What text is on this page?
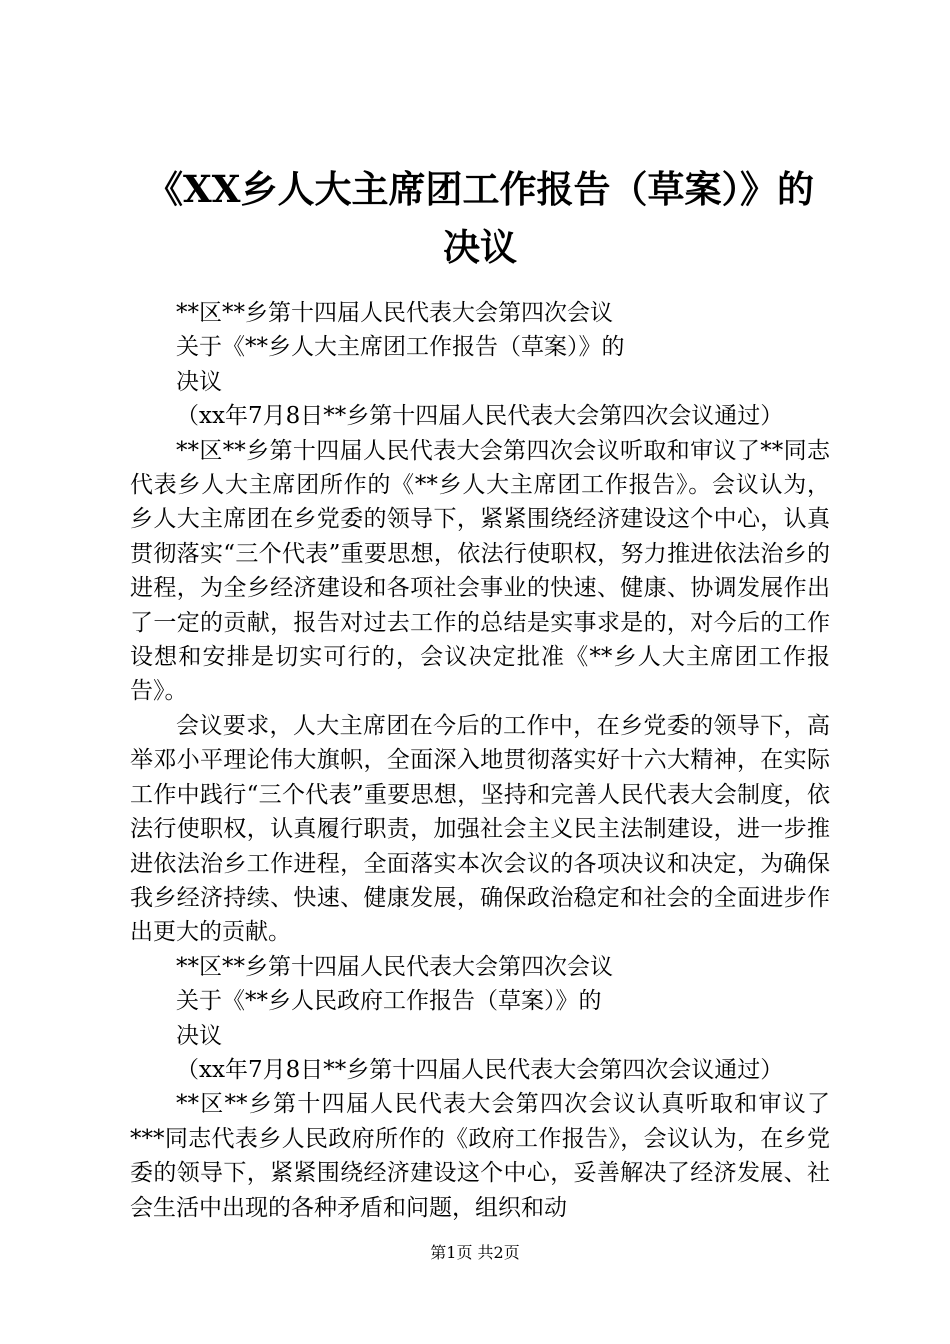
《XX乡人大主席团工作报告（草案）》的决议

**区**乡第十四届人民代表大会第四次会议

关于《**乡人大主席团工作报告（草案）》的

决议

（xx年7月8日**乡第十四届人民代表大会第四次会议通过）

**区**乡第十四届人民代表大会第四次会议听取和审议了**同志代表乡人大主席团所作的《**乡人大主席团工作报告》。会议认为，乡人大主席团在乡党委的领导下，紧紧围绕经济建设这个中心，认真贯彻落实“三个代表”重要思想，依法行使职权，努力推进依法治乡的进程，为全乡经济建设和各项社会事业的快速、健康、协调发展作出了一定的贡献，报告对过去工作的总结是实事求是的，对今后的工作设想和安排是切实可行的，会议决定批准《**乡人大主席团工作报告》。

会议要求，人大主席团在今后的工作中，在乡党委的领导下，高举邓小平理论伟大旗帜，全面深入地贯彻落实好十六大精神，在实际工作中践行“三个代表”重要思想，坚持和完善人民代表大会制度，依法行使职权，认真履行职责，加强社会主义民主法制建设，进一步推进依法治乡工作进程，全面落实本次会议的各项决议和决定，为确保我乡经济持续、快速、健康发展，确保政治稳定和社会的全面进步作出更大的贡献。

**区**乡第十四届人民代表大会第四次会议

关于《**乡人民政府工作报告（草案）》的

决议

（xx年7月8日**乡第十四届人民代表大会第四次会议通过）

**区**乡第十四届人民代表大会第四次会议认真听取和审议了***同志代表乡人民政府所作的《政府工作报告》，会议认为，在乡党委的领导下，紧紧围绕经济建设这个中心，妥善解决了经济发展、社会生活中出现的各种矛盾和问题，组织和动

第1页 共2页
